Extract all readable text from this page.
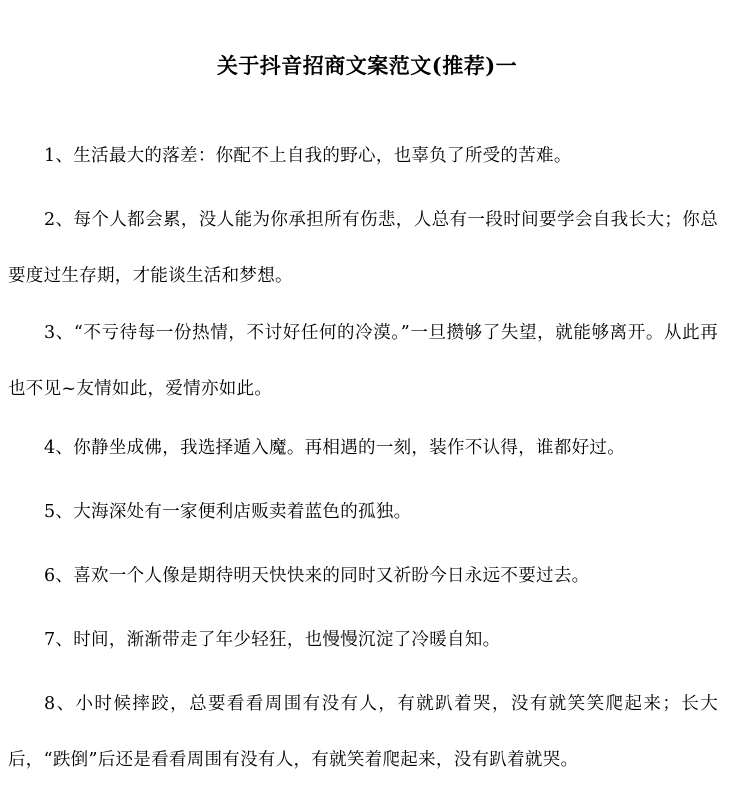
关于抖音招商文案范文(推荐)一

1、生活最大的落差：你配不上自我的野心，也辜负了所受的苦难。

2、每个人都会累，没人能为你承担所有伤悲，人总有一段时间要学会自我长大；你总要度过生存期，才能谈生活和梦想。

3、“不亏待每一份热情，不讨好任何的冷漠。”一旦攒够了失望，就能够离开。从此再也不见~友情如此，爱情亦如此。

4、你静坐成佛，我选择遁入魔。再相遇的一刻，装作不认得，谁都好过。

5、大海深处有一家便利店贩卖着蓝色的孤独。

6、喜欢一个人像是期待明天快快来的同时又祈盼今日永远不要过去。

7、时间，渐渐带走了年少轻狂，也慢慢沉淀了冷暖自知。

8、小时候摔跤，总要看看周围有没有人，有就趴着哭，没有就笑笑爬起来；长大后，“跌倒”后还是看看周围有没有人，有就笑着爬起来，没有趴着就哭。
